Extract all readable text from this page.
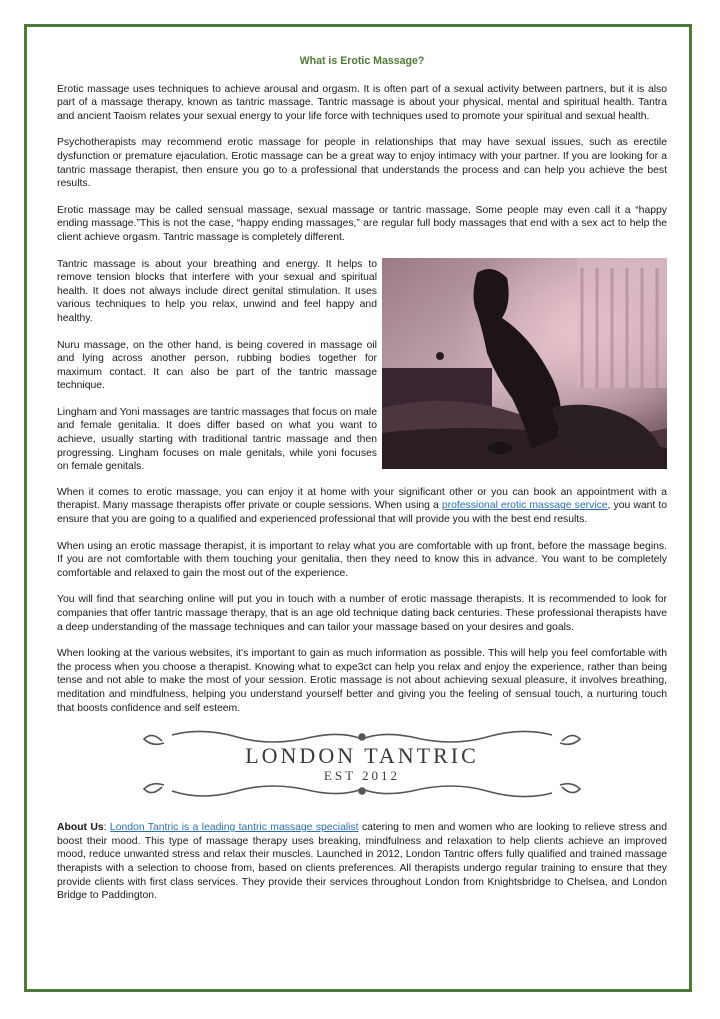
What is Erotic Massage?

Erotic massage uses techniques to achieve arousal and orgasm. It is often part of a sexual activity between partners, but it is also part of a massage therapy, known as tantric massage. Tantric massage is about your physical, mental and spiritual health. Tantra and ancient Taoism relates your sexual energy to your life force with techniques used to promote your spiritual and sexual health.

Psychotherapists may recommend erotic massage for people in relationships that may have sexual issues, such as erectile dysfunction or premature ejaculation. Erotic massage can be a great way to enjoy intimacy with your partner. If you are looking for a tantric massage therapist, then ensure you go to a professional that understands the process and can help you achieve the best results.

Erotic massage may be called sensual massage, sexual massage or tantric massage. Some people may even call it a “happy ending massage.”This is not the case, “happy ending massages,” are regular full body massages that end with a sex act to help the client achieve orgasm. Tantric massage is completely different.

Tantric massage is about your breathing and energy. It helps to remove tension blocks that interfere with your sexual and spiritual health. It does not always include direct genital stimulation. It uses various techniques to help you relax, unwind and feel happy and healthy.

Nuru massage, on the other hand, is being covered in massage oil and lying across another person, rubbing bodies together for maximum contact. It can also be part of the tantric massage technique.

Lingham and Yoni massages are tantric massages that focus on male and female genitalia. It does differ based on what you want to achieve, usually starting with traditional tantric massage and then progressing. Lingham focuses on male genitals, while yoni focuses on female genitals.

When it comes to erotic massage, you can enjoy it at home with your significant other or you can book an appointment with a therapist. Many massage therapists offer private or couple sessions. When using a professional erotic massage service, you want to ensure that you are going to a qualified and experienced professional that will provide you with the best end results.

When using an erotic massage therapist, it is important to relay what you are comfortable with up front, before the massage begins. If you are not comfortable with them touching your genitalia, then they need to know this in advance. You want to be completely comfortable and relaxed to gain the most out of the experience.

You will find that searching online will put you in touch with a number of erotic massage therapists. It is recommended to look for companies that offer tantric massage therapy, that is an age old technique dating back centuries. These professional therapists have a deep understanding of the massage techniques and can tailor your massage based on your desires and goals.

When looking at the various websites, it's important to gain as much information as possible. This will help you feel comfortable with the process when you choose a therapist. Knowing what to expe3ct can help you relax and enjoy the experience, rather than being tense and not able to make the most of your session. Erotic massage is not about achieving sexual pleasure, it involves breathing, meditation and mindfulness, helping you understand yourself better and giving you the feeling of sensual touch, a nurturing touch that boosts confidence and self esteem.

LONDON TANTRIC
EST 2012

About Us: London Tantric is a leading tantric massage specialist catering to men and women who are looking to relieve stress and boost their mood. This type of massage therapy uses breaking, mindfulness and relaxation to help clients achieve an improved mood, reduce unwanted stress and relax their muscles. Launched in 2012, London Tantric offers fully qualified and trained massage therapists with a selection to choose from, based on clients preferences. All therapists undergo regular training to ensure that they provide clients with first class services. They provide their services throughout London from Knightsbridge to Chelsea, and London Bridge to Paddington.
